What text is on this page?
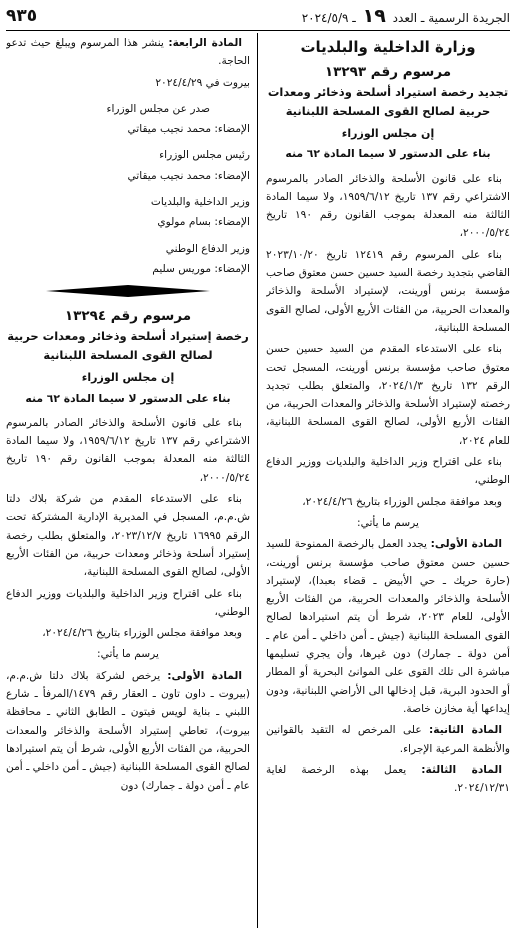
الجريدة الرسمية ـ العدد ١٩ ـ ٢٠٢٤/٥/٩
٩٣٥

وزارة الداخلية والبلديات

مرسوم رقم ١٣٢٩٣

تجديد رخصة استيراد أسلحة وذخائر ومعدات حربية لصالح القوى المسلحة اللبنانية

إن مجلس الوزراء

بناء على الدستور لا سيما المادة ٦٢ منه

بناء على قانون الأسلحة والذخائر الصادر بالمرسوم الاشتراعي رقم ١٣٧ تاريخ ١٩٥٩/٦/١٢، ولا سيما المادة الثالثة منه المعدلة بموجب القانون رقم ١٩٠ تاريخ ٢٠٠٠/٥/٢٤،

بناء على المرسوم رقم ١٢٤١٩ تاريخ ٢٠٢٣/١٠/٢٠ القاضي بتجديد رخصة السيد حسين حسن معتوق صاحب مؤسسة برنس أورينت، لإستيراد الأسلحة والذخائر والمعدات الحربية، من الفئات الأربع الأولى، لصالح القوى المسلحة اللبنانية،

بناء على الاستدعاء المقدم من السيد حسين حسن معتوق صاحب مؤسسة برنس أورينت، المسجل تحت الرقم ١٣٢ تاريخ ٢٠٢٤/١/٣، والمتعلق بطلب تجديد رخصته لإستيراد الأسلحة والذخائر والمعدات الحربية، من الفئات الأربع الأولى، لصالح القوى المسلحة اللبنانية، للعام ٢٠٢٤،

بناء على اقتراح وزير الداخلية والبلديات ووزير الدفاع الوطني،

وبعد موافقة مجلس الوزراء بتاريخ ٢٠٢٤/٤/٢٦،

يرسم ما يأتي:

المادة الأولى: يجدد العمل بالرخصة الممنوحة للسيد حسين حسن معتوق صاحب مؤسسة برنس أورينت، (حارة حريك ـ حي الأبيض ـ قضاء بعبدا)، لإستيراد الأسلحة والذخائر والمعدات الحربية، من الفئات الأربع الأولى، للعام ٢٠٢٣، شرط أن يتم استيرادها لصالح القوى المسلحة اللبنانية (جيش ـ أمن داخلي ـ أمن عام ـ أمن دولة ـ جمارك) دون غيرها، وأن يجري تسليمها مباشرة الى تلك القوى على الموانئ البحرية أو المطار أو الحدود البرية، قبل إدخالها الى الأراضي اللبنانية، ودون إيداعها أية مخازن خاصة.

المادة الثانية: على المرخص له التقيد بالقوانين والأنظمة المرعية الإجراء.

المادة الثالثة: يعمل بهذه الرخصة لغاية ٢٠٢٤/١٢/٣١.

المادة الرابعة: ينشر هذا المرسوم ويبلغ حيث تدعو الحاجة.

بيروت في ٢٠٢٤/٤/٢٩

صدر عن مجلس الوزراء

الإمضاء: محمد نجيب ميقاتي

رئيس مجلس الوزراء

الإمضاء: محمد نجيب ميقاتي

وزير الداخلية والبلديات

الإمضاء: بسام مولوي

وزير الدفاع الوطني

الإمضاء: موريس سليم

مرسوم رقم ١٣٢٩٤

رخصة إستيراد أسلحة وذخائر ومعدات حربية لصالح القوى المسلحة اللبنانية

إن مجلس الوزراء

بناء على الدستور لا سيما المادة ٦٢ منه

بناء على قانون الأسلحة والذخائر الصادر بالمرسوم الاشتراعي رقم ١٣٧ تاريخ ١٩٥٩/٦/١٢، ولا سيما المادة الثالثة منه المعدلة بموجب القانون رقم ١٩٠ تاريخ ٢٠٠٠/٥/٢٤،

بناء على الاستدعاء المقدم من شركة بلاك دلتا ش.م.م، المسجل في المديرية الإدارية المشتركة تحت الرقم ١٦٩٩٥ تاريخ ٢٠٢٣/١٢/٧، والمتعلق بطلب رخصة إستيراد أسلحة وذخائر ومعدات حربية، من الفئات الأربع الأولى، لصالح القوى المسلحة اللبنانية،

بناء على اقتراح وزير الداخلية والبلديات ووزير الدفاع الوطني،

وبعد موافقة مجلس الوزراء بتاريخ ٢٠٢٤/٤/٢٦،

يرسم ما يأتي:

المادة الأولى: يرخص لشركة بلاك دلتا ش.م.م، (بيروت ـ داون تاون ـ العقار رقم ١٤٧٩/المرفأ ـ شارع اللبني ـ بناية لويس فيتون ـ الطابق الثاني ـ محافظة بيروت)، تعاطي إستيراد الأسلحة والذخائر والمعدات الحربية، من الفئات الأربع الأولى، شرط أن يتم استيرادها لصالح القوى المسلحة اللبنانية (جيش ـ أمن داخلي ـ أمن عام ـ أمن دولة ـ جمارك) دون
